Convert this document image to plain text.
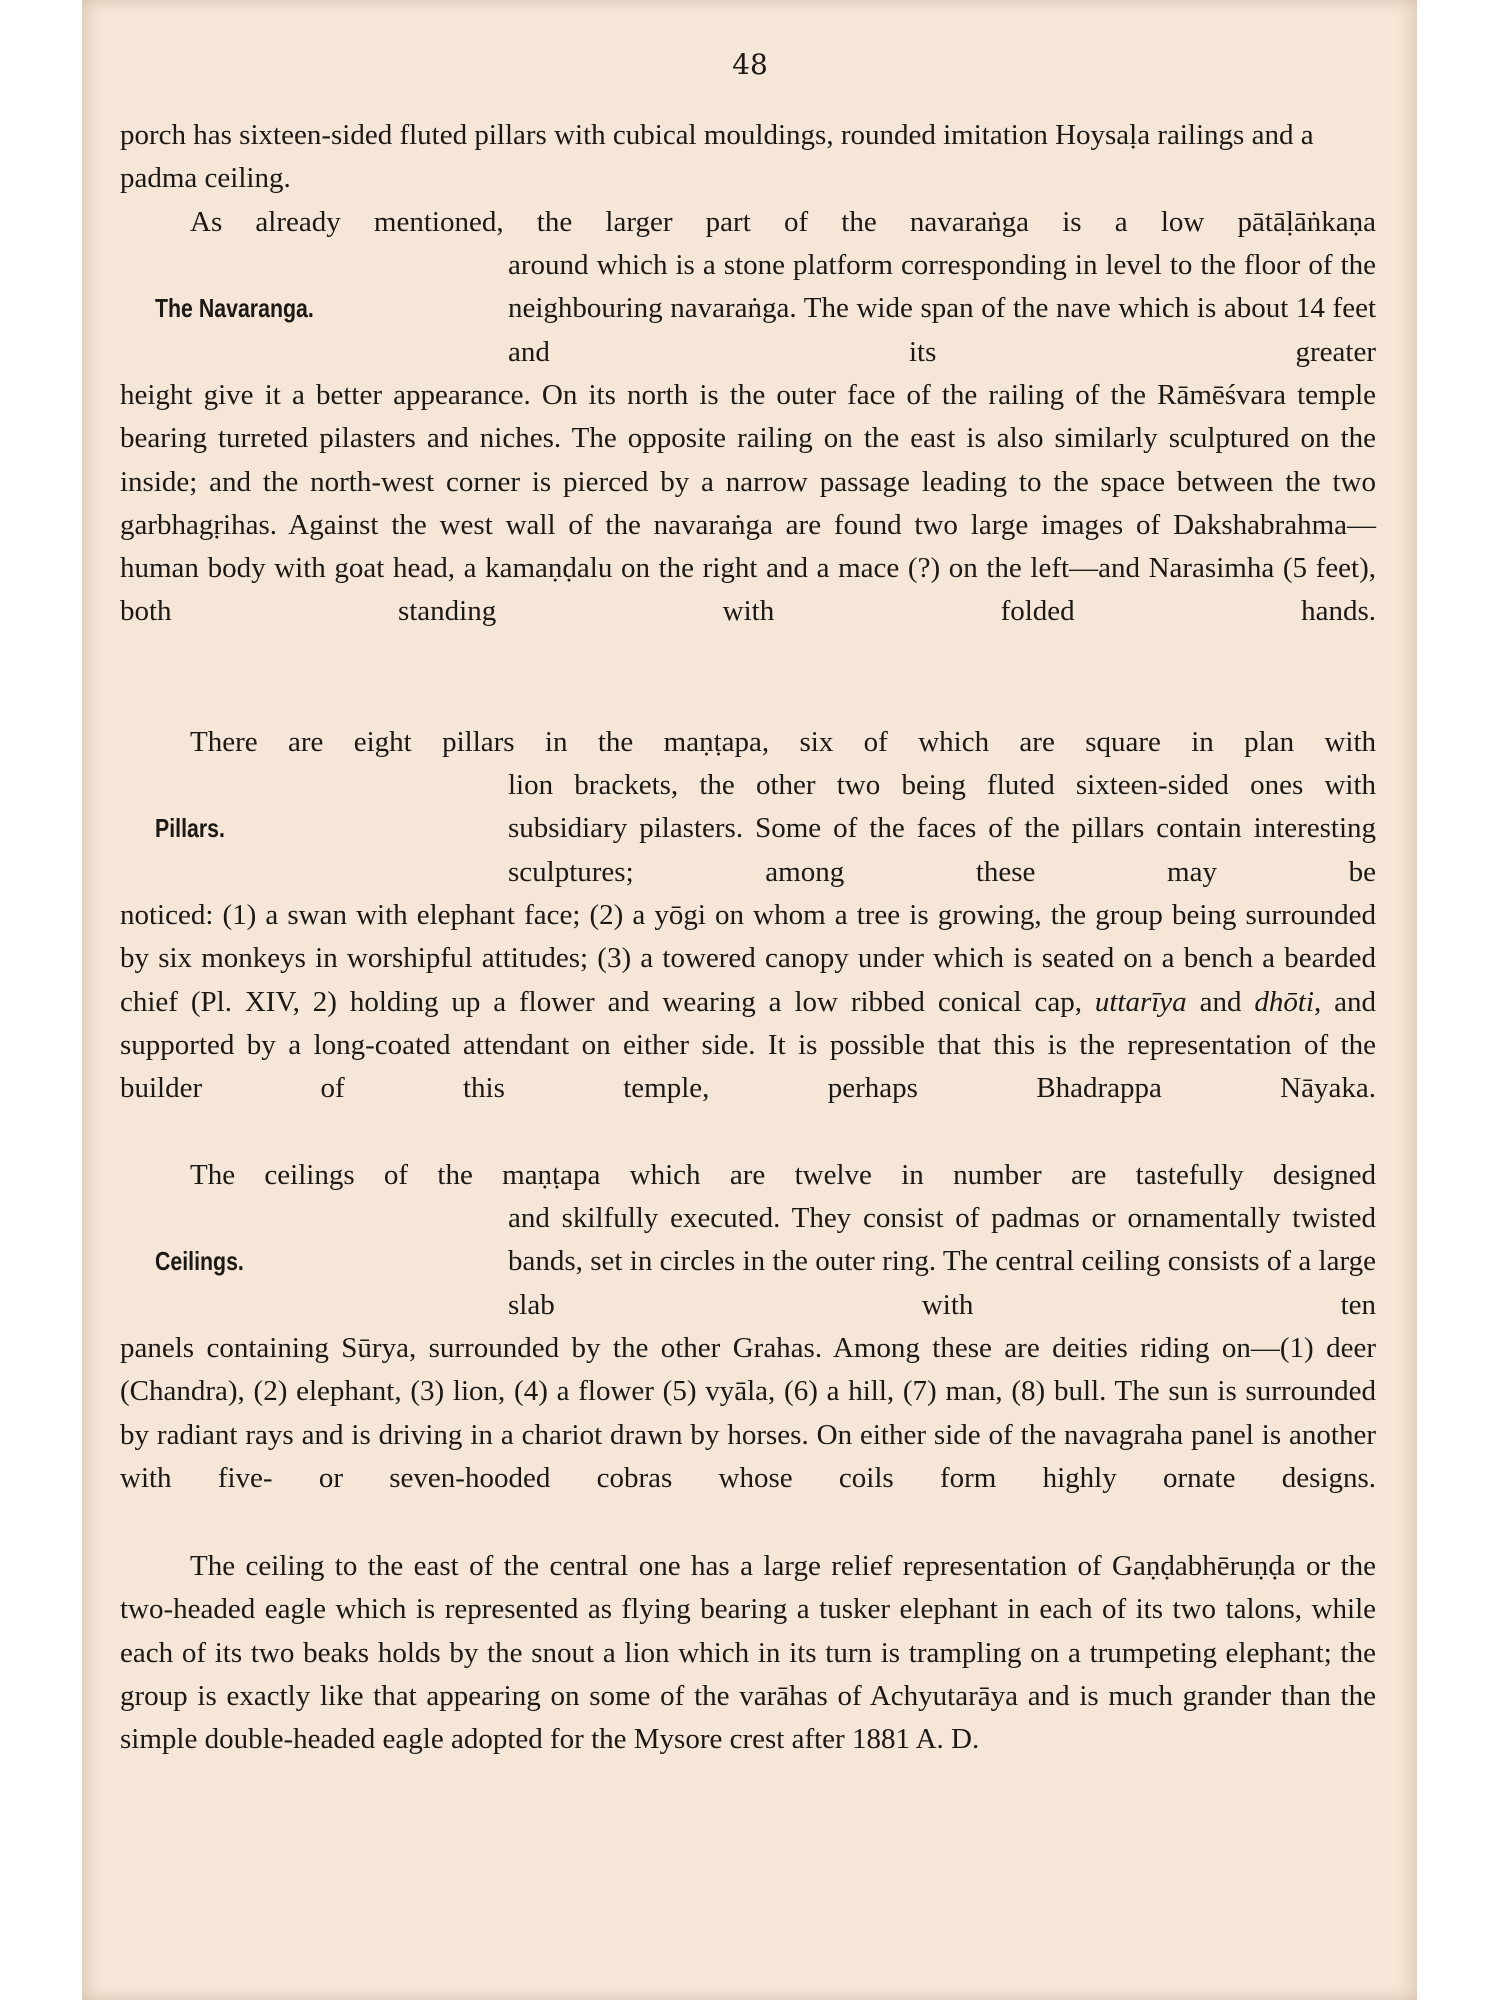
48
porch has sixteen-sided fluted pillars with cubical mouldings, rounded imitation Hoysaḷa railings and a padma ceiling.
As already mentioned, the larger part of the navaraṅga is a low pātāḷāṅkaṇa
The Navaranga.
around which is a stone platform corresponding in level to the floor of the neighbouring navaraṅga. The wide span of the nave which is about 14 feet and its greater
height give it a better appearance. On its north is the outer face of the railing of the Rāmēśvara temple bearing turreted pilasters and niches. The opposite railing on the east is also similarly sculptured on the inside; and the north-west corner is pierced by a narrow passage leading to the space between the two garbhagṛihas. Against the west wall of the navaraṅga are found two large images of Dakshabrahma—human body with goat head, a kamaṇḍalu on the right and a mace (?) on the left—and Narasimha (5 feet), both standing with folded hands.
There are eight pillars in the maṇṭapa, six of which are square in plan with
Pillars.
lion brackets, the other two being fluted sixteen-sided ones with subsidiary pilasters. Some of the faces of the pillars contain interesting sculptures; among these may be
noticed: (1) a swan with elephant face; (2) a yōgi on whom a tree is growing, the group being surrounded by six monkeys in worshipful attitudes; (3) a towered canopy under which is seated on a bench a bearded chief (Pl. XIV, 2) holding up a flower and wearing a low ribbed conical cap, uttarīya and dhōti, and supported by a long-coated attendant on either side. It is possible that this is the representation of the builder of this temple, perhaps Bhadrappa Nāyaka.
The ceilings of the maṇṭapa which are twelve in number are tastefully designed
Ceilings.
and skilfully executed. They consist of padmas or ornamentally twisted bands, set in circles in the outer ring. The central ceiling consists of a large slab with ten
panels containing Sūrya, surrounded by the other Grahas. Among these are deities riding on—(1) deer (Chandra), (2) elephant, (3) lion, (4) a flower (5) vyāla, (6) a hill, (7) man, (8) bull. The sun is surrounded by radiant rays and is driving in a chariot drawn by horses. On either side of the navagraha panel is another with five- or seven-hooded cobras whose coils form highly ornate designs.
The ceiling to the east of the central one has a large relief representation of Gaṇḍabhēruṇḍa or the two-headed eagle which is represented as flying bearing a tusker elephant in each of its two talons, while each of its two beaks holds by the snout a lion which in its turn is trampling on a trumpeting elephant; the group is exactly like that appearing on some of the varāhas of Achyutarāya and is much grander than the simple double-headed eagle adopted for the Mysore crest after 1881 A. D.
